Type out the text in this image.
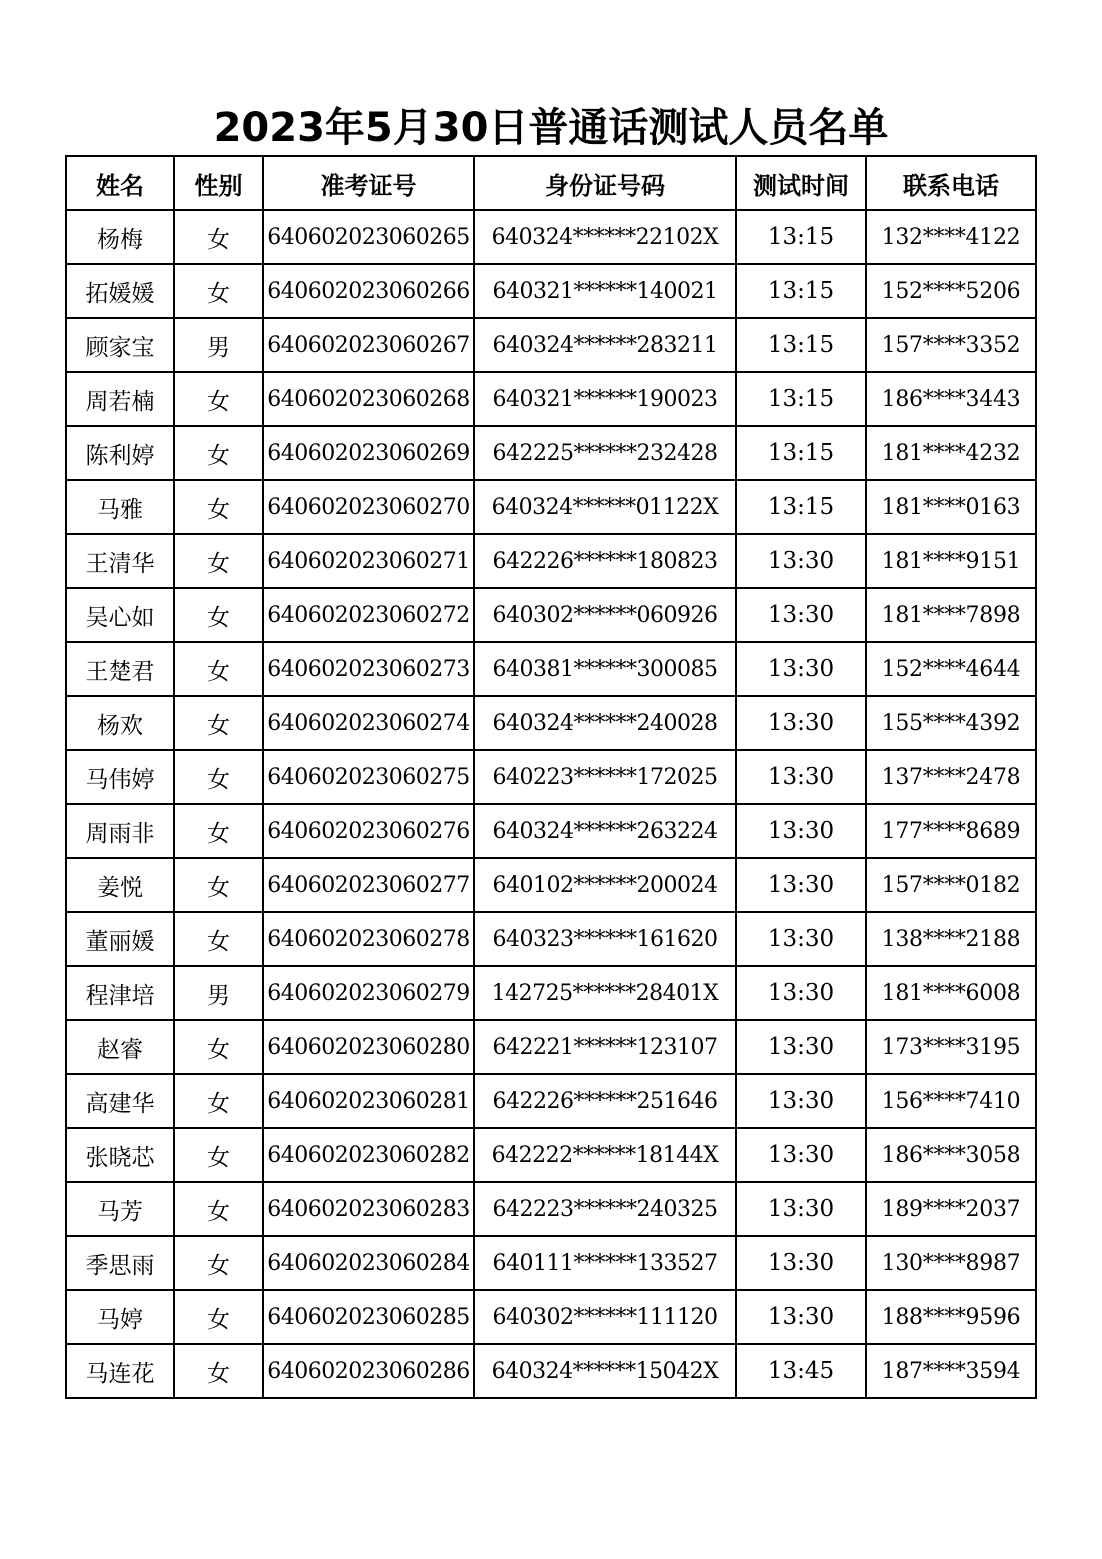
2023年5月30日普通话测试人员名单
姓名	性别	准考证号	身份证号码	测试时间	联系电话
杨梅	女	640602023060265	640324******22102X	13:15	132****4122
拓媛媛	女	640602023060266	640321******140021	13:15	152****5206
顾家宝	男	640602023060267	640324******283211	13:15	157****3352
周若楠	女	640602023060268	640321******190023	13:15	186****3443
陈利婷	女	640602023060269	642225******232428	13:15	181****4232
马雅	女	640602023060270	640324******01122X	13:15	181****0163
王清华	女	640602023060271	642226******180823	13:30	181****9151
吴心如	女	640602023060272	640302******060926	13:30	181****7898
王楚君	女	640602023060273	640381******300085	13:30	152****4644
杨欢	女	640602023060274	640324******240028	13:30	155****4392
马伟婷	女	640602023060275	640223******172025	13:30	137****2478
周雨非	女	640602023060276	640324******263224	13:30	177****8689
姜悦	女	640602023060277	640102******200024	13:30	157****0182
董丽媛	女	640602023060278	640323******161620	13:30	138****2188
程津培	男	640602023060279	142725******28401X	13:30	181****6008
赵睿	女	640602023060280	642221******123107	13:30	173****3195
高建华	女	640602023060281	642226******251646	13:30	156****7410
张晓芯	女	640602023060282	642222******18144X	13:30	186****3058
马芳	女	640602023060283	642223******240325	13:30	189****2037
季思雨	女	640602023060284	640111******133527	13:30	130****8987
马婷	女	640602023060285	640302******111120	13:30	188****9596
马连花	女	640602023060286	640324******15042X	13:45	187****3594
